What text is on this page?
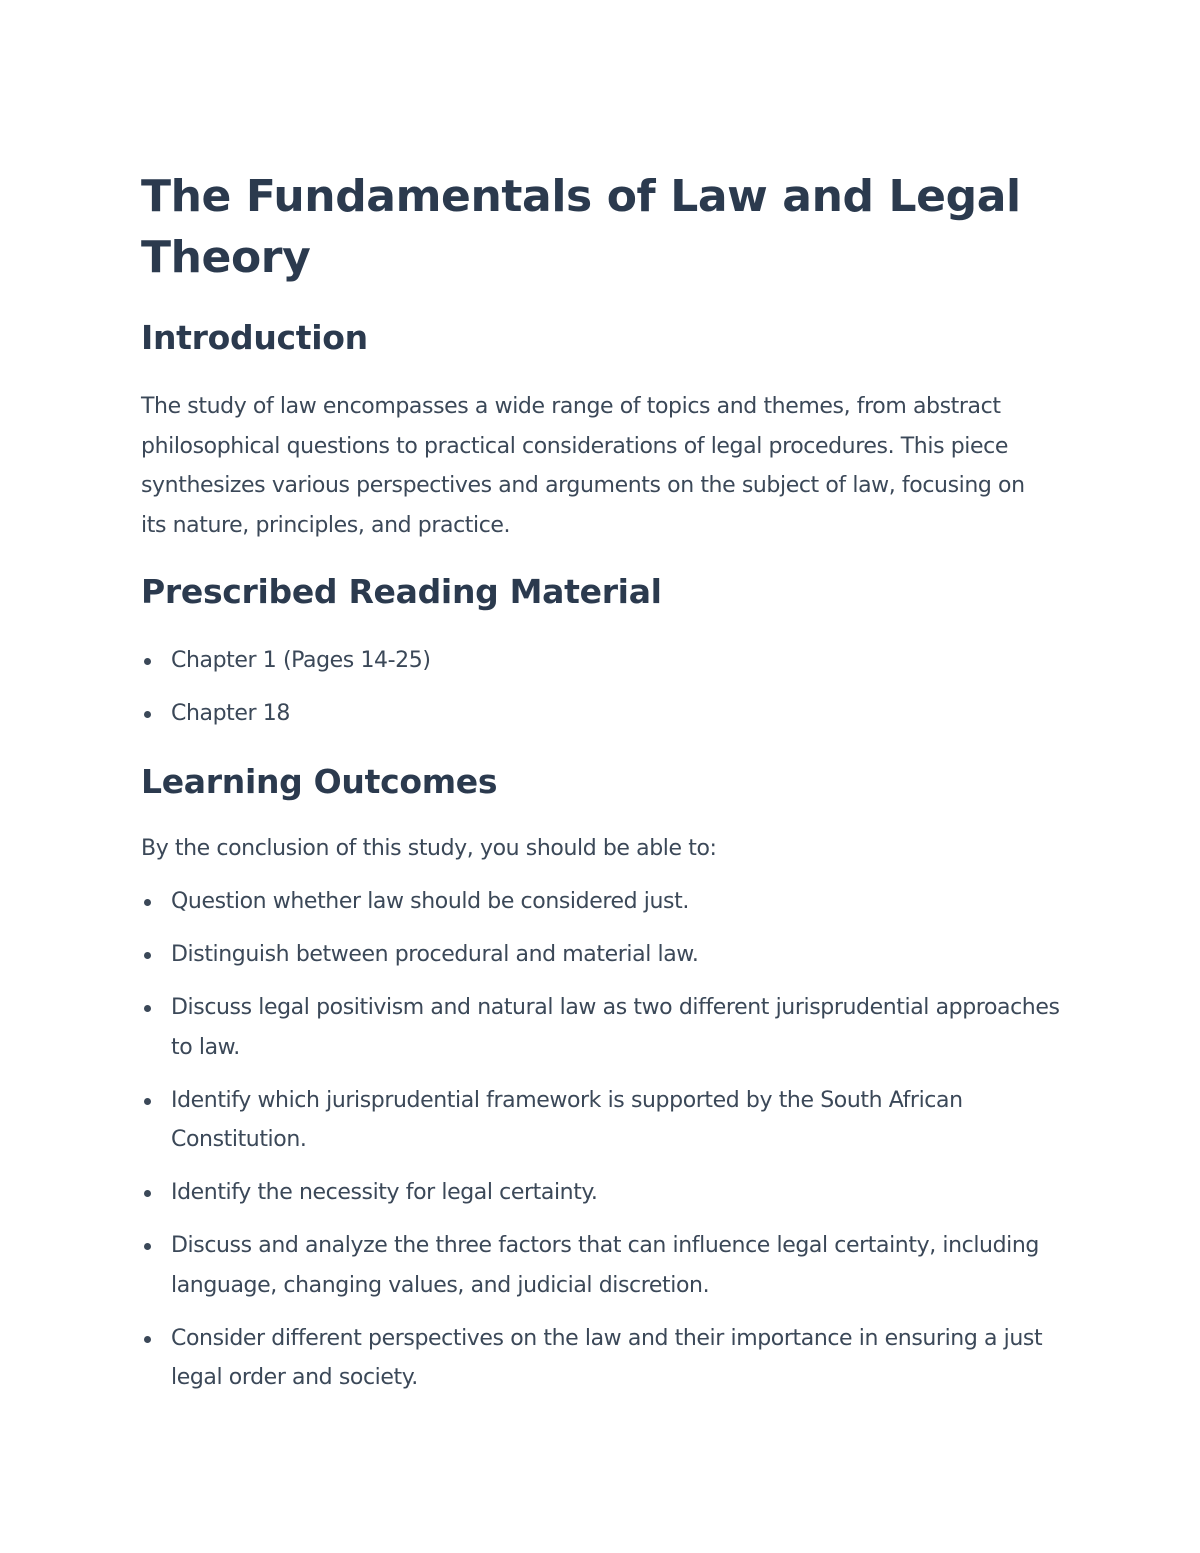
The Fundamentals of Law and Legal Theory
Introduction

The study of law encompasses a wide range of topics and themes, from abstract philosophical questions to practical considerations of legal procedures. This piece synthesizes various perspectives and arguments on the subject of law, focusing on its nature, principles, and practice.

Prescribed Reading Material
Chapter 1 (Pages 14-25)
Chapter 18
Learning Outcomes

By the conclusion of this study, you should be able to:

Question whether law should be considered just.
Distinguish between procedural and material law.
Discuss legal positivism and natural law as two different jurisprudential approaches to law.
Identify which jurisprudential framework is supported by the South African Constitution.
Identify the necessity for legal certainty.
Discuss and analyze the three factors that can influence legal certainty, including language, changing values, and judicial discretion.
Consider different perspectives on the law and their importance in ensuring a just legal order and society.
